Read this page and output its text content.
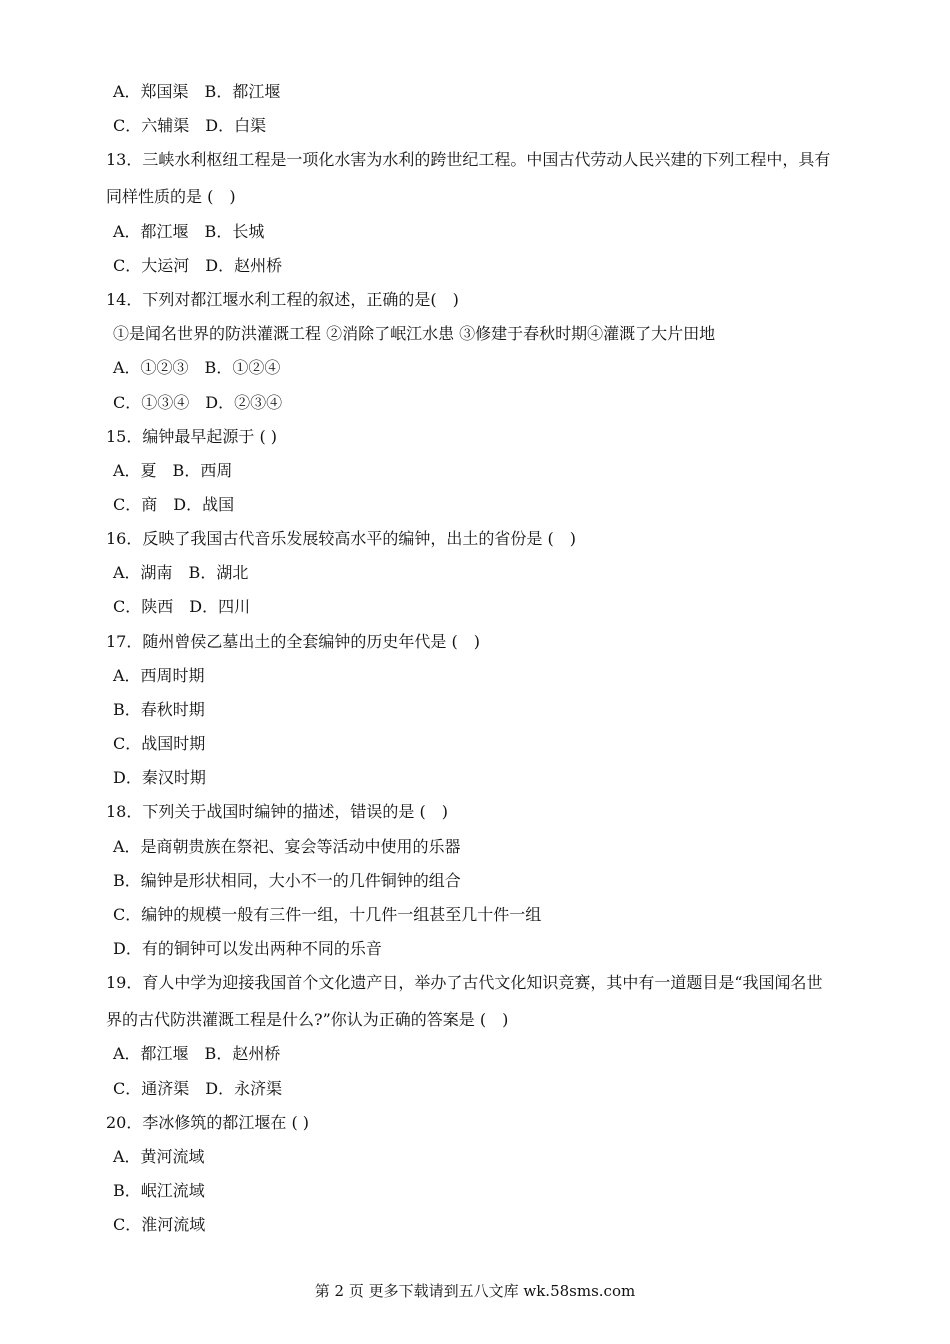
A．郑国渠　B．都江堰
C．六辅渠　D．白渠
13．三峡水利枢纽工程是一项化水害为水利的跨世纪工程。中国古代劳动人民兴建的下列工程中，具有
同样性质的是 (　)
A．都江堰　B．长城
C．大运河　D．赵州桥
14．下列对都江堰水利工程的叙述，正确的是(　)
①是闻名世界的防洪灌溉工程 ②消除了岷江水患 ③修建于春秋时期④灌溉了大片田地
A．①②③　B．①②④
C．①③④　D．②③④
15．编钟最早起源于 ( )
A．夏　B．西周
C．商　D．战国
16．反映了我国古代音乐发展较高水平的编钟，出土的省份是 (　)
A．湖南　B．湖北
C．陕西　D．四川
17．随州曾侯乙墓出土的全套编钟的历史年代是 (　)
A．西周时期
B．春秋时期
C．战国时期
D．秦汉时期
18．下列关于战国时编钟的描述，错误的是 (　)
A．是商朝贵族在祭祀、宴会等活动中使用的乐器
B．编钟是形状相同，大小不一的几件铜钟的组合
C．编钟的规模一般有三件一组，十几件一组甚至几十件一组
D．有的铜钟可以发出两种不同的乐音
19．育人中学为迎接我国首个文化遗产日，举办了古代文化知识竞赛，其中有一道题目是“我国闻名世
界的古代防洪灌溉工程是什么?”你认为正确的答案是 (　)
A．都江堰　B．赵州桥
C．通济渠　D．永济渠
20．李冰修筑的都江堰在 ( )
A．黄河流域
B．岷江流域
C．淮河流域
第 2 页 更多下载请到五八文库 wk.58sms.com
